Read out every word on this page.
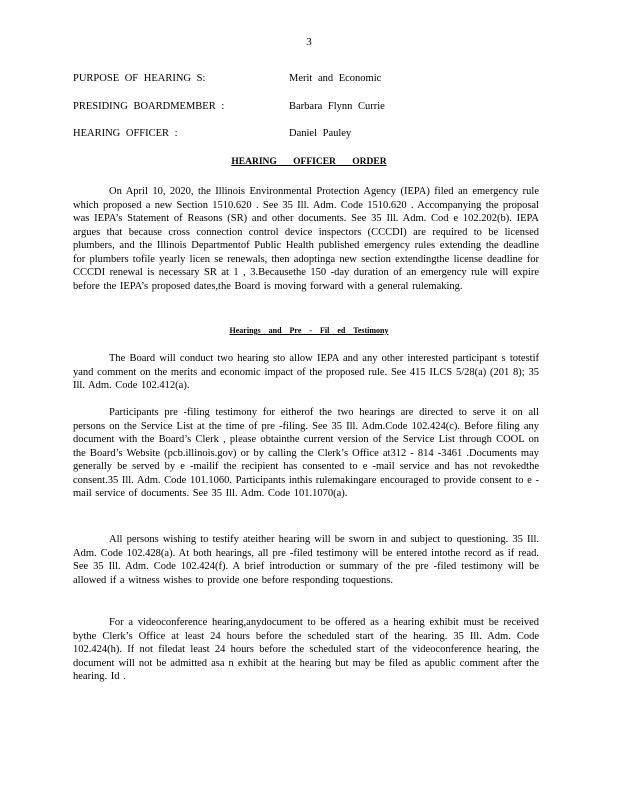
3
PURPOSE OF HEARING S:	Merit and Economic
PRESIDING BOARDMEMBER :	Barbara Flynn Currie
HEARING OFFICER :	Daniel Pauley
HEARING OFFICER ORDER

On April 10, 2020, the Illinois Environmental Protection Agency (IEPA) filed an emergency rule which proposed a new Section 1510.620 . See 35 Ill. Adm. Code 1510.620 . Accompanying the proposal was IEPA’s Statement of Reasons (SR) and other documents. See 35 Ill. Adm. Cod e 102.202(b). IEPA argues that because cross connection control device inspectors (CCCDI) are required to be licensed plumbers, and the Illinois Departmentof Public Health published emergency rules extending the deadline for plumbers tofile yearly licen se renewals, then adoptinga new section extendingthe license deadline for CCCDI renewal is necessary SR at 1 , 3.Becausethe 150 -day duration of an emergency rule will expire before the IEPA’s proposed dates,the Board is moving forward with a general rulemaking.

Hearings and Pre - Fil ed Testimony

The Board will conduct two hearing sto allow IEPA and any other interested participant s totestif yand comment on the merits and economic impact of the proposed rule. See 415 ILCS 5/28(a) (201 8); 35 Ill. Adm. Code 102.412(a).

Participants pre -filing testimony for eitherof the two hearings are directed to serve it on all persons on the Service List at the time of pre -filing. See 35 Ill. Adm.Code 102.424(c). Before filing any document with the Board’s Clerk , please obtainthe current version of the Service List through COOL on the Board’s Website (pcb.illinois.gov) or by calling the Clerk’s Office at312 - 814 -3461 .Documents may generally be served by e -mailif the recipient has consented to e -mail service and has not revokedthe consent.35 Ill. Adm. Code 101.1060. Participants inthis rulemakingare encouraged to provide consent to e -mail service of documents. See 35 Ill. Adm. Code 101.1070(a).

All persons wishing to testify ateither hearing will be sworn in and subject to questioning. 35 Ill. Adm. Code 102.428(a). At both hearings, all pre -filed testimony will be entered intothe record as if read. See 35 Ill. Adm. Code 102.424(f). A brief introduction or summary of the pre -filed testimony will be allowed if a witness wishes to provide one before responding toquestions.

For a videoconference hearing,anydocument to be offered as a hearing exhibit must be received bythe Clerk’s Office at least 24 hours before the scheduled start of the hearing. 35 Ill. Adm. Code 102.424(h). If not filedat least 24 hours before the scheduled start of the videoconference hearing, the document will not be admitted asa n exhibit at the hearing but may be filed as apublic comment after the hearing. Id .
